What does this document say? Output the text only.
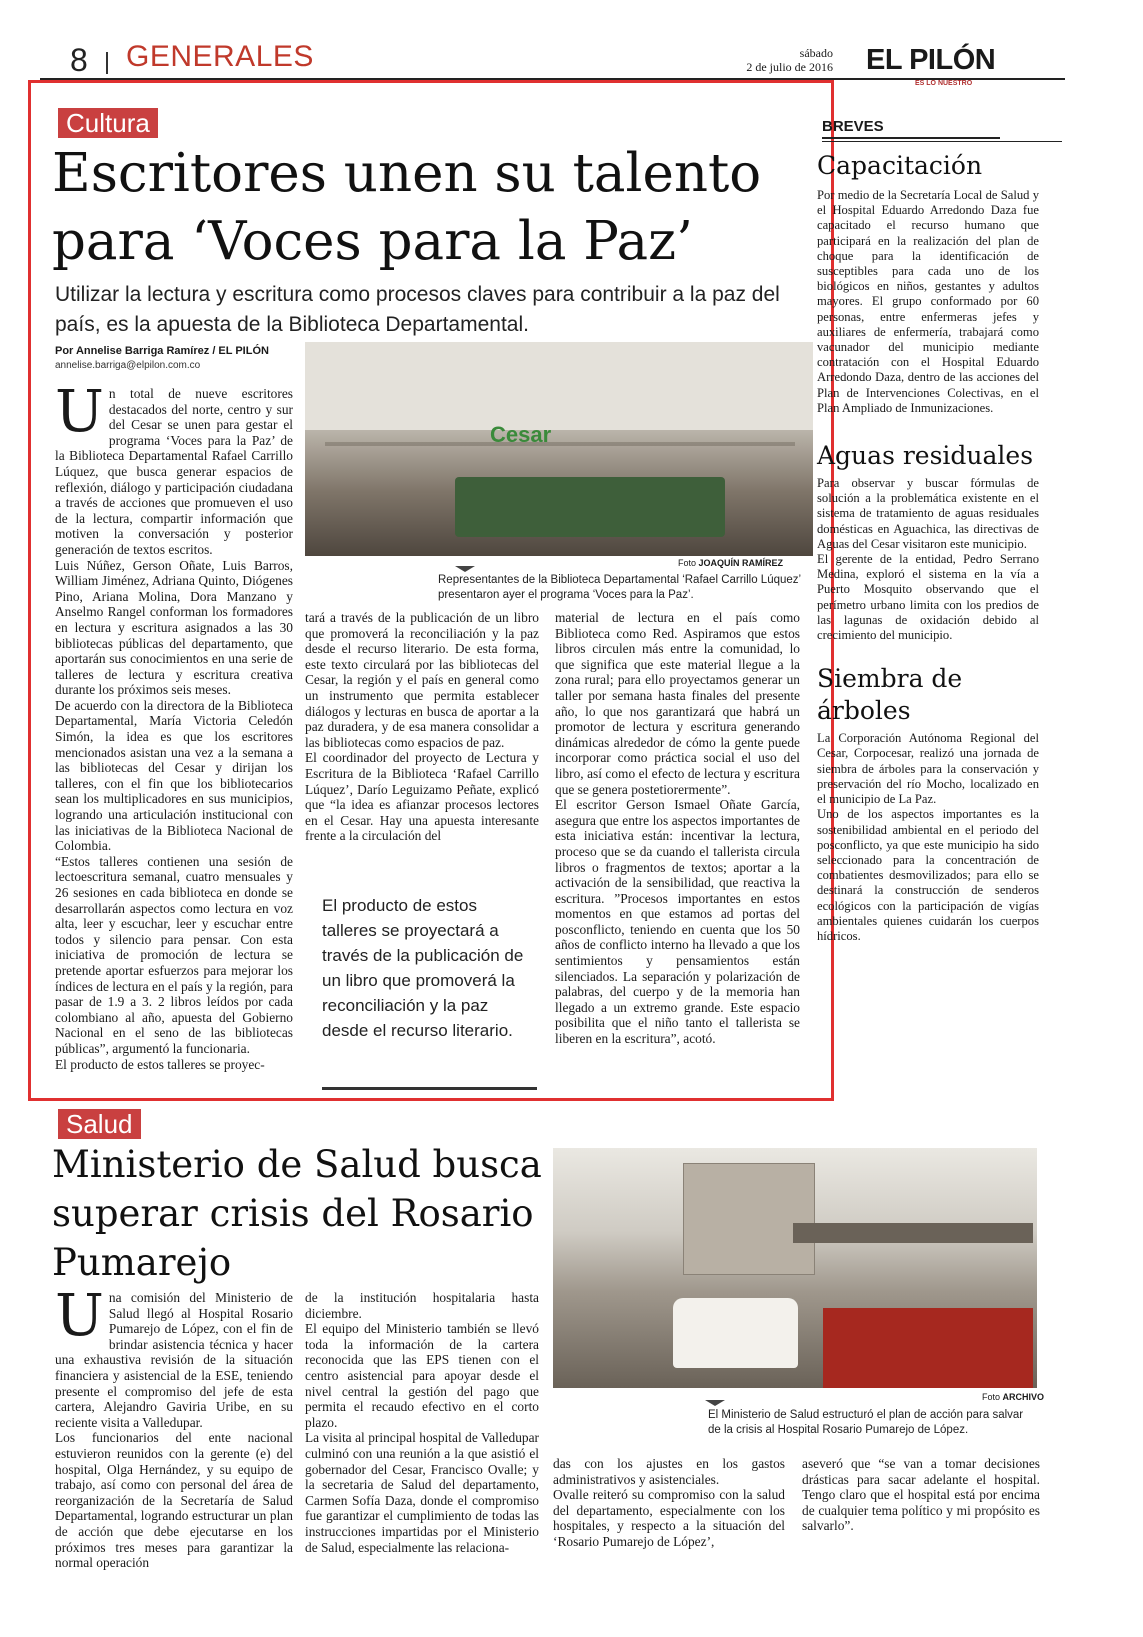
8 GENERALES	sábado
2 de julio de 2016 EL PILÓN
ES LO NUESTRO
Cultura
Escritores unen su talento
para ‘Voces para la Paz’
Utilizar la lectura y escritura como procesos claves para contribuir a la paz del país, es la apuesta de la Biblioteca Departamental.
Por Annelise Barriga Ramírez / EL PILÓN
annelise.barriga@elpilon.com.co

Un total de nueve escritores destacados del norte, centro y sur del Cesar se unen para gestar el programa ‘Voces para la Paz’ de la Biblioteca Departamental Rafael Carrillo Lúquez, que busca generar espacios de reflexión, diálogo y participación ciudadana a través de acciones que promueven el uso de la lectura, compartir información que motiven la conversación y posterior generación de textos escritos.

Luis Núñez, Gerson Oñate, Luis Barros, William Jiménez, Adriana Quinto, Diógenes Pino, Ariana Molina, Dora Manzano y Anselmo Rangel conforman los formadores en lectura y escritura asignados a las 30 bibliotecas públicas del departamento, que aportarán sus conocimientos en una serie de talleres de lectura y escritura creativa durante los próximos seis meses.

De acuerdo con la directora de la Biblioteca Departamental, María Victoria Celedón Simón, la idea es que los escritores mencionados asistan una vez a la semana a las bibliotecas del Cesar y dirijan los talleres, con el fin que los bibliotecarios sean los multiplicadores en sus municipios, logrando una articulación institucional con las iniciativas de la Biblioteca Nacional de Colombia.

“Estos talleres contienen una sesión de lectoescritura semanal, cuatro mensuales y 26 sesiones en cada biblioteca en donde se desarrollarán aspectos como lectura en voz alta, leer y escuchar, leer y escuchar entre todos y silencio para pensar. Con esta iniciativa de promoción de lectura se pretende aportar esfuerzos para mejorar los índices de lectura en el país y la región, para pasar de 1.9 a 3. 2 libros leídos por cada colombiano al año, apuesta del Gobierno Nacional en el seno de las bibliotecas públicas”, argumentó la funcionaria.

El producto de estos talleres se proyec-

Cesar
Foto JOAQUÍN RAMÍREZ
Representantes de la Biblioteca Departamental ‘Rafael Carrillo Lúquez’ presentaron ayer el programa ‘Voces para la Paz’.

tará a través de la publicación de un libro que promoverá la reconciliación y la paz desde el recurso literario. De esta forma, este texto circulará por las bibliotecas del Cesar, la región y el país en general como un instrumento que permita establecer diálogos y lecturas en busca de aportar a la paz duradera, y de esa manera consolidar a las bibliotecas como espacios de paz.

El coordinador del proyecto de Lectura y Escritura de la Biblioteca ‘Rafael Carrillo Lúquez’, Darío Leguizamo Peñate, explicó que “la idea es afianzar procesos lectores en el Cesar. Hay una apuesta interesante frente a la circulación del

El producto de estos talleres se proyectará a través de la publicación de un libro que promoverá la reconciliación y la paz desde el recurso literario.

material de lectura en el país como Biblioteca como Red. Aspiramos que estos libros circulen más entre la comunidad, lo que significa que este material llegue a la zona rural; para ello proyectamos generar un taller por semana hasta finales del presente año, lo que nos garantizará que habrá un promotor de lectura y escritura generando dinámicas alrededor de cómo la gente puede incorporar como práctica social el uso del libro, así como el efecto de lectura y escritura que se genera postetiorermente”.

El escritor Gerson Ismael Oñate García, asegura que entre los aspectos importantes de esta iniciativa están: incentivar la lectura, proceso que se da cuando el tallerista circula libros o fragmentos de textos; aportar a la activación de la sensibilidad, que reactiva la escritura. ”Procesos importantes en estos momentos en que estamos ad portas del posconflicto, teniendo en cuenta que los 50 años de conflicto interno ha llevado a que los sentimientos y pensamientos están silenciados. La separación y polarización de palabras, del cuerpo y de la memoria han llegado a un extremo grande. Este espacio posibilita que el niño tanto el tallerista se liberen en la escritura”, acotó.

BREVES
Capacitación

Por medio de la Secretaría Local de Salud y el Hospital Eduardo Arredondo Daza fue capacitado el recurso humano que participará en la realización del plan de choque para la identificación de susceptibles para cada uno de los biológicos en niños, gestantes y adultos mayores. El grupo conformado por 60 personas, entre enfermeras jefes y auxiliares de enfermería, trabajará como vacunador del municipio mediante contratación con el Hospital Eduardo Arredondo Daza, dentro de las acciones del Plan de Intervenciones Colectivas, en el Plan Ampliado de Inmunizaciones.

Aguas residuales

Para observar y buscar fórmulas de solución a la problemática existente en el sistema de tratamiento de aguas residuales domésticas en Aguachica, las directivas de Aguas del Cesar visitaron este municipio.

El gerente de la entidad, Pedro Serrano Medina, exploró el sistema en la vía a Puerto Mosquito observando que el perímetro urbano limita con los predios de las lagunas de oxidación debido al crecimiento del municipio.

Siembra de árboles

La Corporación Autónoma Regional del Cesar, Corpocesar, realizó una jornada de siembra de árboles para la conservación y preservación del río Mocho, localizado en el municipio de La Paz.

Uno de los aspectos importantes es la sostenibilidad ambiental en el periodo del posconflicto, ya que este municipio ha sido seleccionado para la concentración de combatientes desmovilizados; para ello se destinará la construcción de senderos ecológicos con la participación de vigías ambientales quienes cuidarán los cuerpos hídricos.

Salud
Ministerio de Salud busca
superar crisis del Rosario
Pumarejo

Una comisión del Ministerio de Salud llegó al Hospital Rosario Pumarejo de López, con el fin de brindar asistencia técnica y hacer una exhaustiva revisión de la situación financiera y asistencial de la ESE, teniendo presente el compromiso del jefe de esta cartera, Alejandro Gaviria Uribe, en su reciente visita a Valledupar.

Los funcionarios del ente nacional estuvieron reunidos con la gerente (e) del hospital, Olga Hernández, y su equipo de trabajo, así como con personal del área de reorganización de la Secretaría de Salud Departamental, logrando estructurar un plan de acción que debe ejecutarse en los próximos tres meses para garantizar la normal operación

de la institución hospitalaria hasta diciembre.

El equipo del Ministerio también se llevó toda la información de la cartera reconocida que las EPS tienen con el centro asistencial para apoyar desde el nivel central la gestión del pago que permita el recaudo efectivo en el corto plazo.

La visita al principal hospital de Valledupar culminó con una reunión a la que asistió el gobernador del Cesar, Francisco Ovalle; y la secretaria de Salud del departamento, Carmen Sofía Daza, donde el compromiso fue garantizar el cumplimiento de todas las instrucciones impartidas por el Ministerio de Salud, especialmente las relaciona-

Foto ARCHIVO
El Ministerio de Salud estructuró el plan de acción para salvar de la crisis al Hospital Rosario Pumarejo de López.

das con los ajustes en los gastos administrativos y asistenciales.

Ovalle reiteró su compromiso con la salud del departamento, especialmente con los hospitales, y respecto a la situación del ‘Rosario Pumarejo de López’,

aseveró que “se van a tomar decisiones drásticas para sacar adelante el hospital. Tengo claro que el hospital está por encima de cualquier tema político y mi propósito es salvarlo”.
